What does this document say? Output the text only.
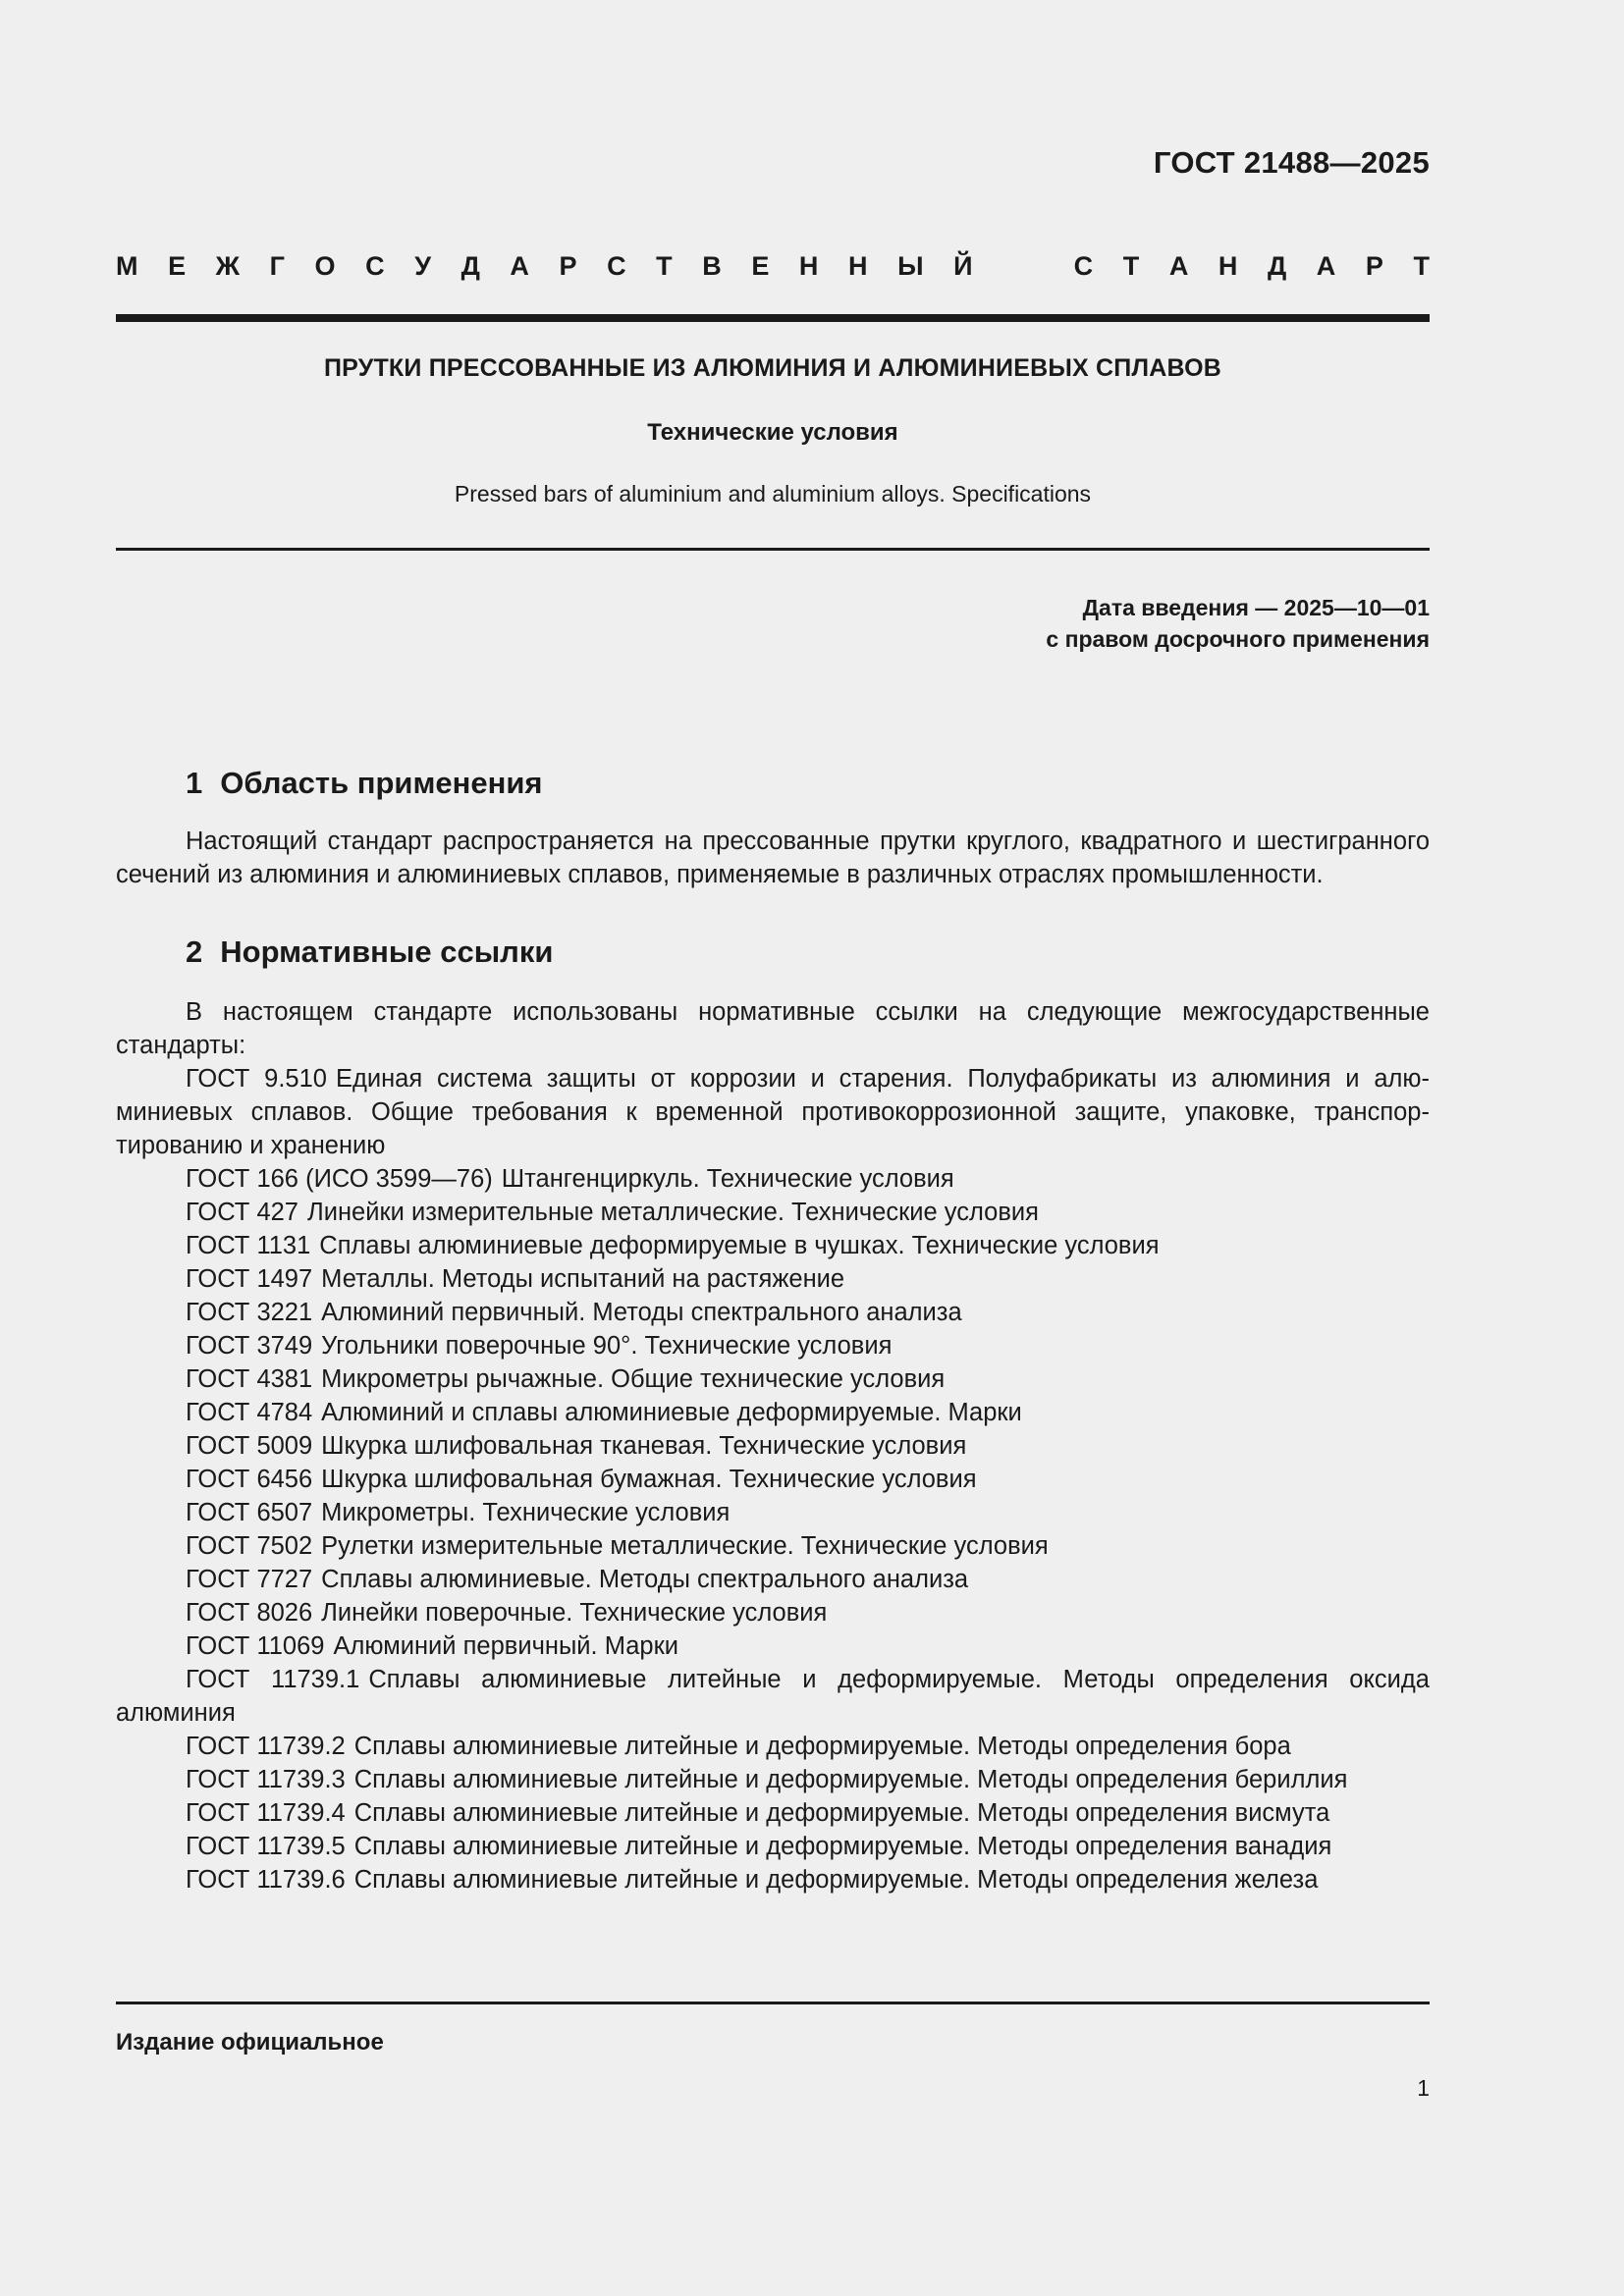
ГОСТ 21488—2025
М Е Ж Г О С У Д А Р С Т В Е Н Н Ы Й	С Т А Н Д А Р Т
ПРУТКИ ПРЕССОВАННЫЕ ИЗ АЛЮМИНИЯ И АЛЮМИНИЕВЫХ СПЛАВОВ
Технические условия
Pressed bars of aluminium and aluminium alloys. Specifications
Дата введения — 2025—10—01
с правом досрочного применения
1 Область применения

Настоящий стандарт распространяется на прессованные прутки круглого, квадратного и шестигранного сечений из алюминия и алюминиевых сплавов, применяемые в различных отраслях промышленности.

2 Нормативные ссылки

В настоящем стандарте использованы нормативные ссылки на следующие межгосударственные стандарты:

ГОСТ 9.510 Единая система защиты от коррозии и старения. Полуфабрикаты из алюминия и алюминиевых сплавов. Общие требования к временной противокоррозионной защите, упаковке, транспортированию и хранению

ГОСТ 166 (ИСО 3599—76) Штангенциркуль. Технические условия

ГОСТ 427 Линейки измерительные металлические. Технические условия

ГОСТ 1131 Сплавы алюминиевые деформируемые в чушках. Технические условия

ГОСТ 1497 Металлы. Методы испытаний на растяжение

ГОСТ 3221 Алюминий первичный. Методы спектрального анализа

ГОСТ 3749 Угольники поверочные 90°. Технические условия

ГОСТ 4381 Микрометры рычажные. Общие технические условия

ГОСТ 4784 Алюминий и сплавы алюминиевые деформируемые. Марки

ГОСТ 5009 Шкурка шлифовальная тканевая. Технические условия

ГОСТ 6456 Шкурка шлифовальная бумажная. Технические условия

ГОСТ 6507 Микрометры. Технические условия

ГОСТ 7502 Рулетки измерительные металлические. Технические условия

ГОСТ 7727 Сплавы алюминиевые. Методы спектрального анализа

ГОСТ 8026 Линейки поверочные. Технические условия

ГОСТ 11069 Алюминий первичный. Марки

ГОСТ 11739.1 Сплавы алюминиевые литейные и деформируемые. Методы определения оксида алюминия

ГОСТ 11739.2 Сплавы алюминиевые литейные и деформируемые. Методы определения бора

ГОСТ 11739.3 Сплавы алюминиевые литейные и деформируемые. Методы определения бериллия

ГОСТ 11739.4 Сплавы алюминиевые литейные и деформируемые. Методы определения висмута

ГОСТ 11739.5 Сплавы алюминиевые литейные и деформируемые. Методы определения ванадия

ГОСТ 11739.6 Сплавы алюминиевые литейные и деформируемые. Методы определения железа

Издание официальное
1
